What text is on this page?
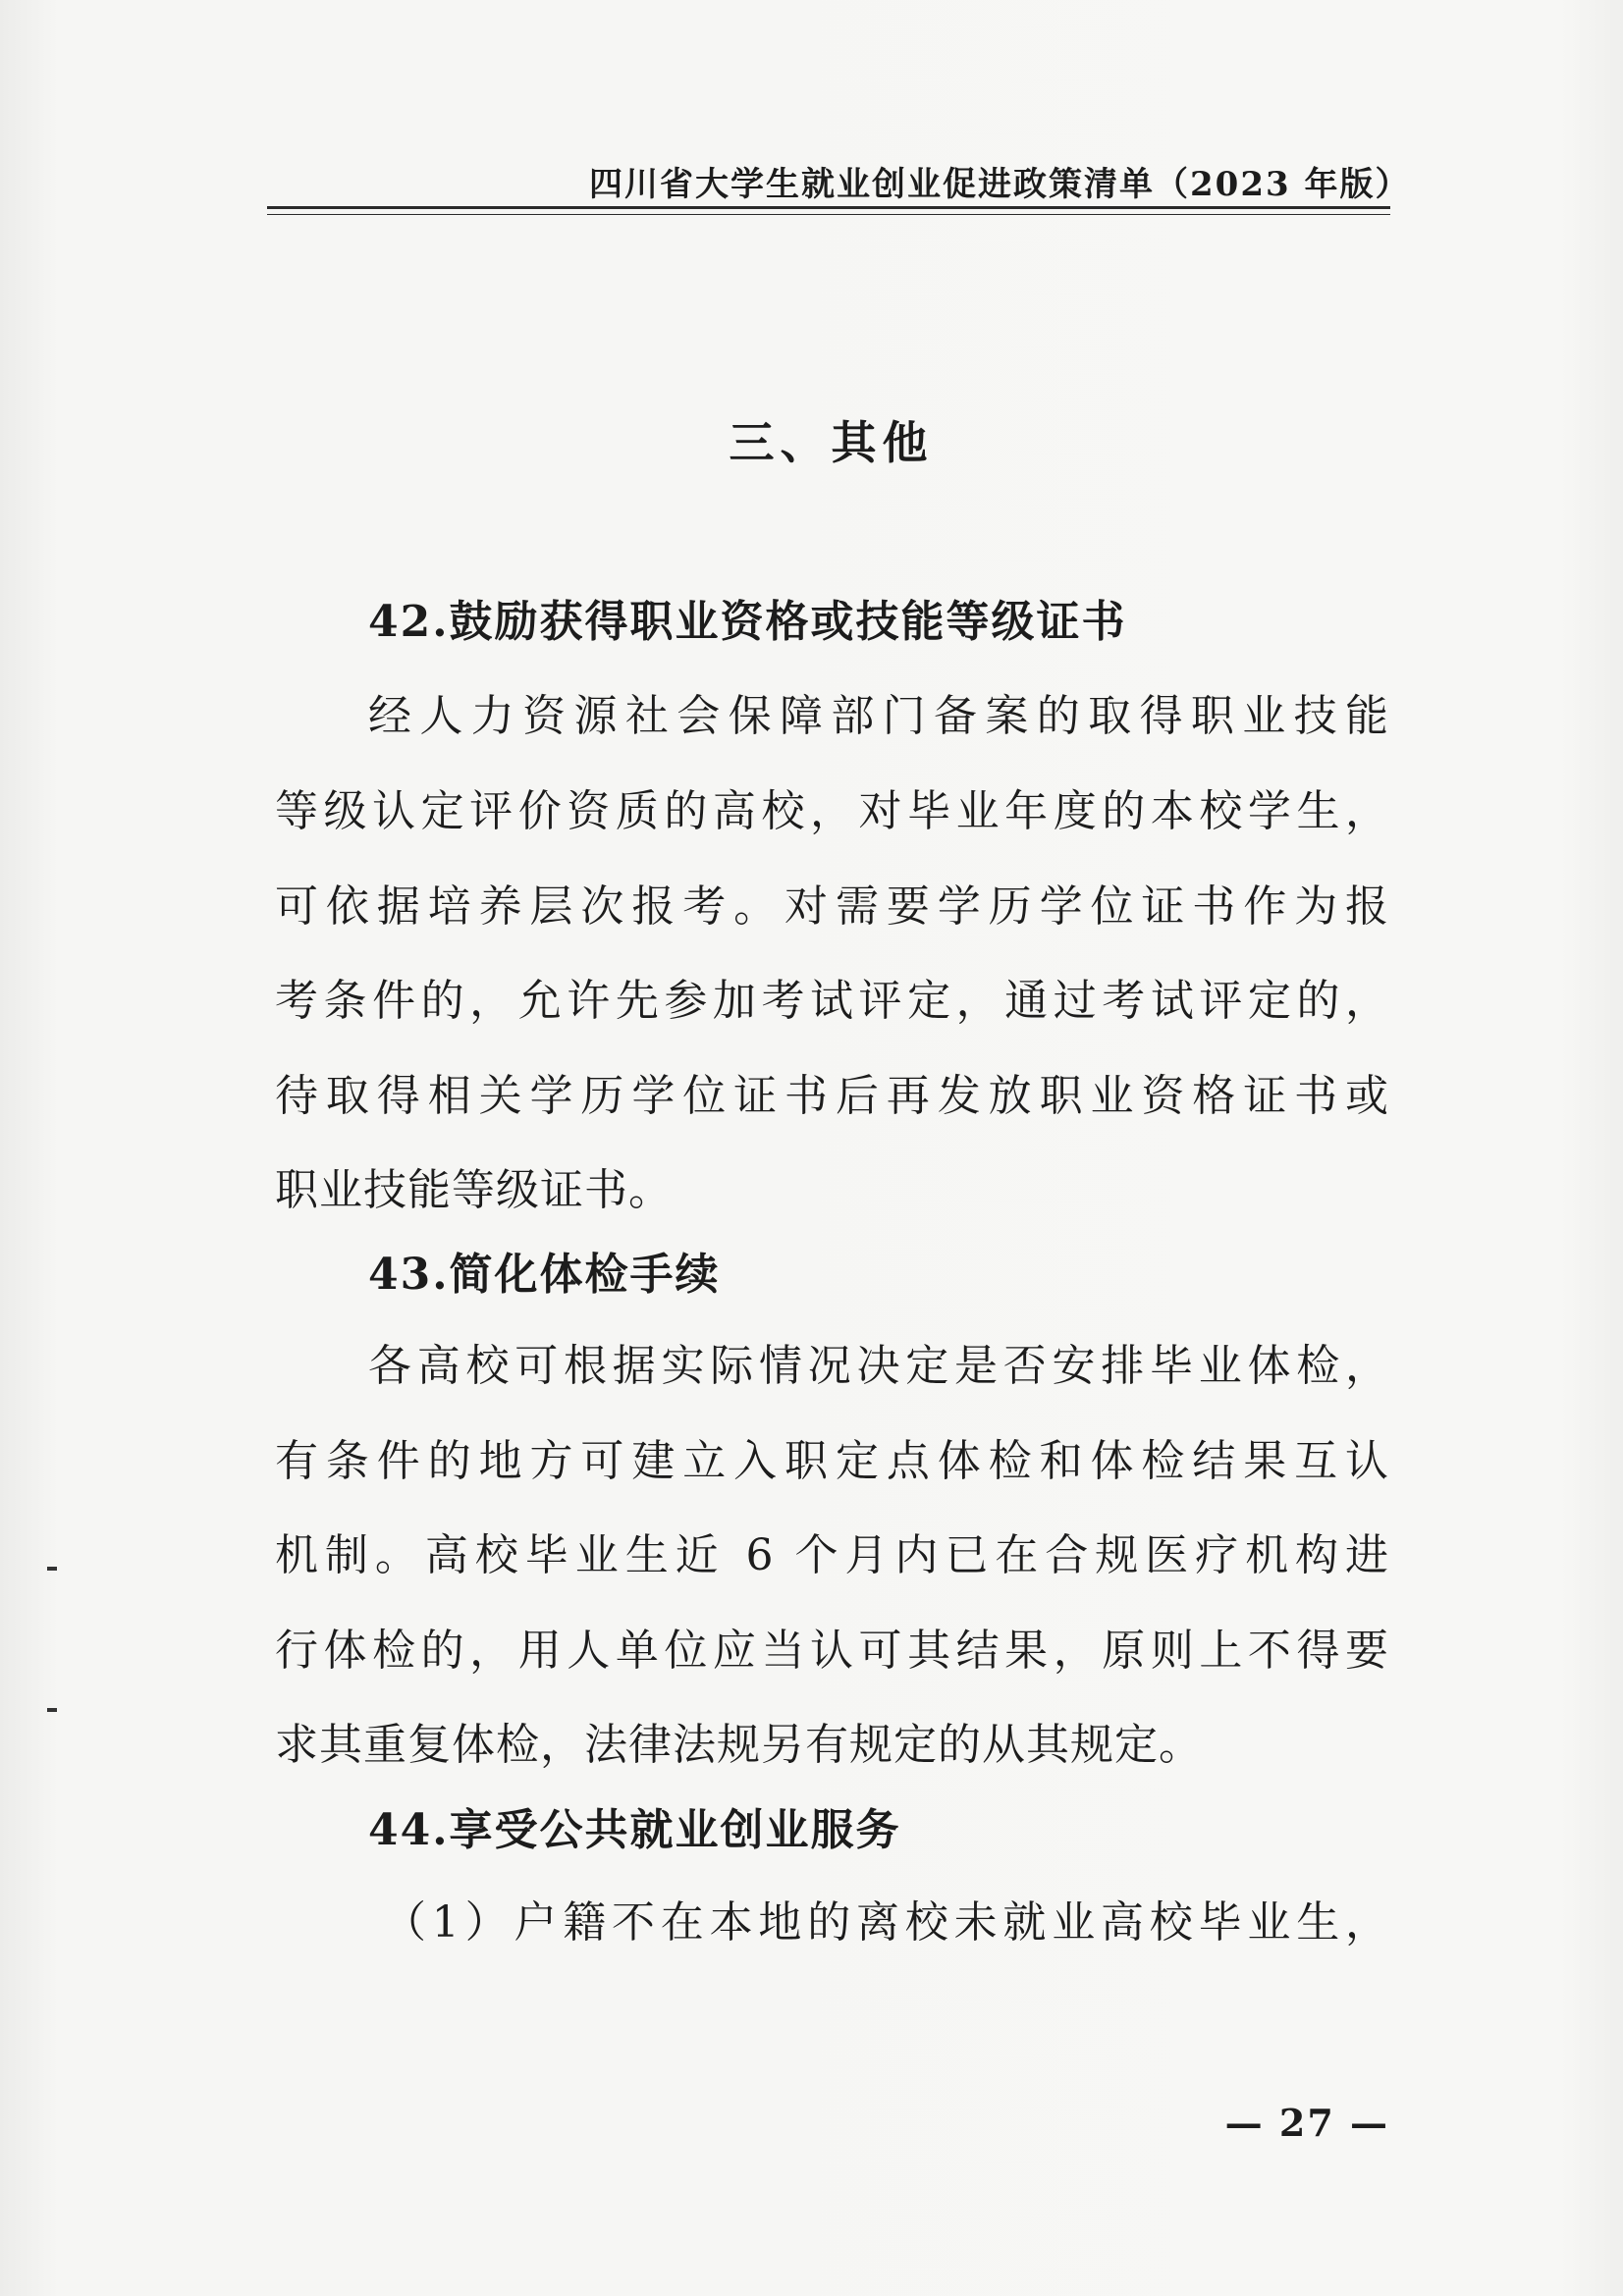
四川省大学生就业创业促进政策清单（2023 年版）
三、其他
42.鼓励获得职业资格或技能等级证书
经人力资源社会保障部门备案的取得职业技能
等级认定评价资质的高校，对毕业年度的本校学生，
可依据培养层次报考。对需要学历学位证书作为报
考条件的，允许先参加考试评定，通过考试评定的，
待取得相关学历学位证书后再发放职业资格证书或
职业技能等级证书。
43.简化体检手续
各高校可根据实际情况决定是否安排毕业体检，
有条件的地方可建立入职定点体检和体检结果互认
机制。高校毕业生近 6 个月内已在合规医疗机构进
行体检的，用人单位应当认可其结果，原则上不得要
求其重复体检，法律法规另有规定的从其规定。
44.享受公共就业创业服务
（1）户籍不在本地的离校未就业高校毕业生，
— 27 —
